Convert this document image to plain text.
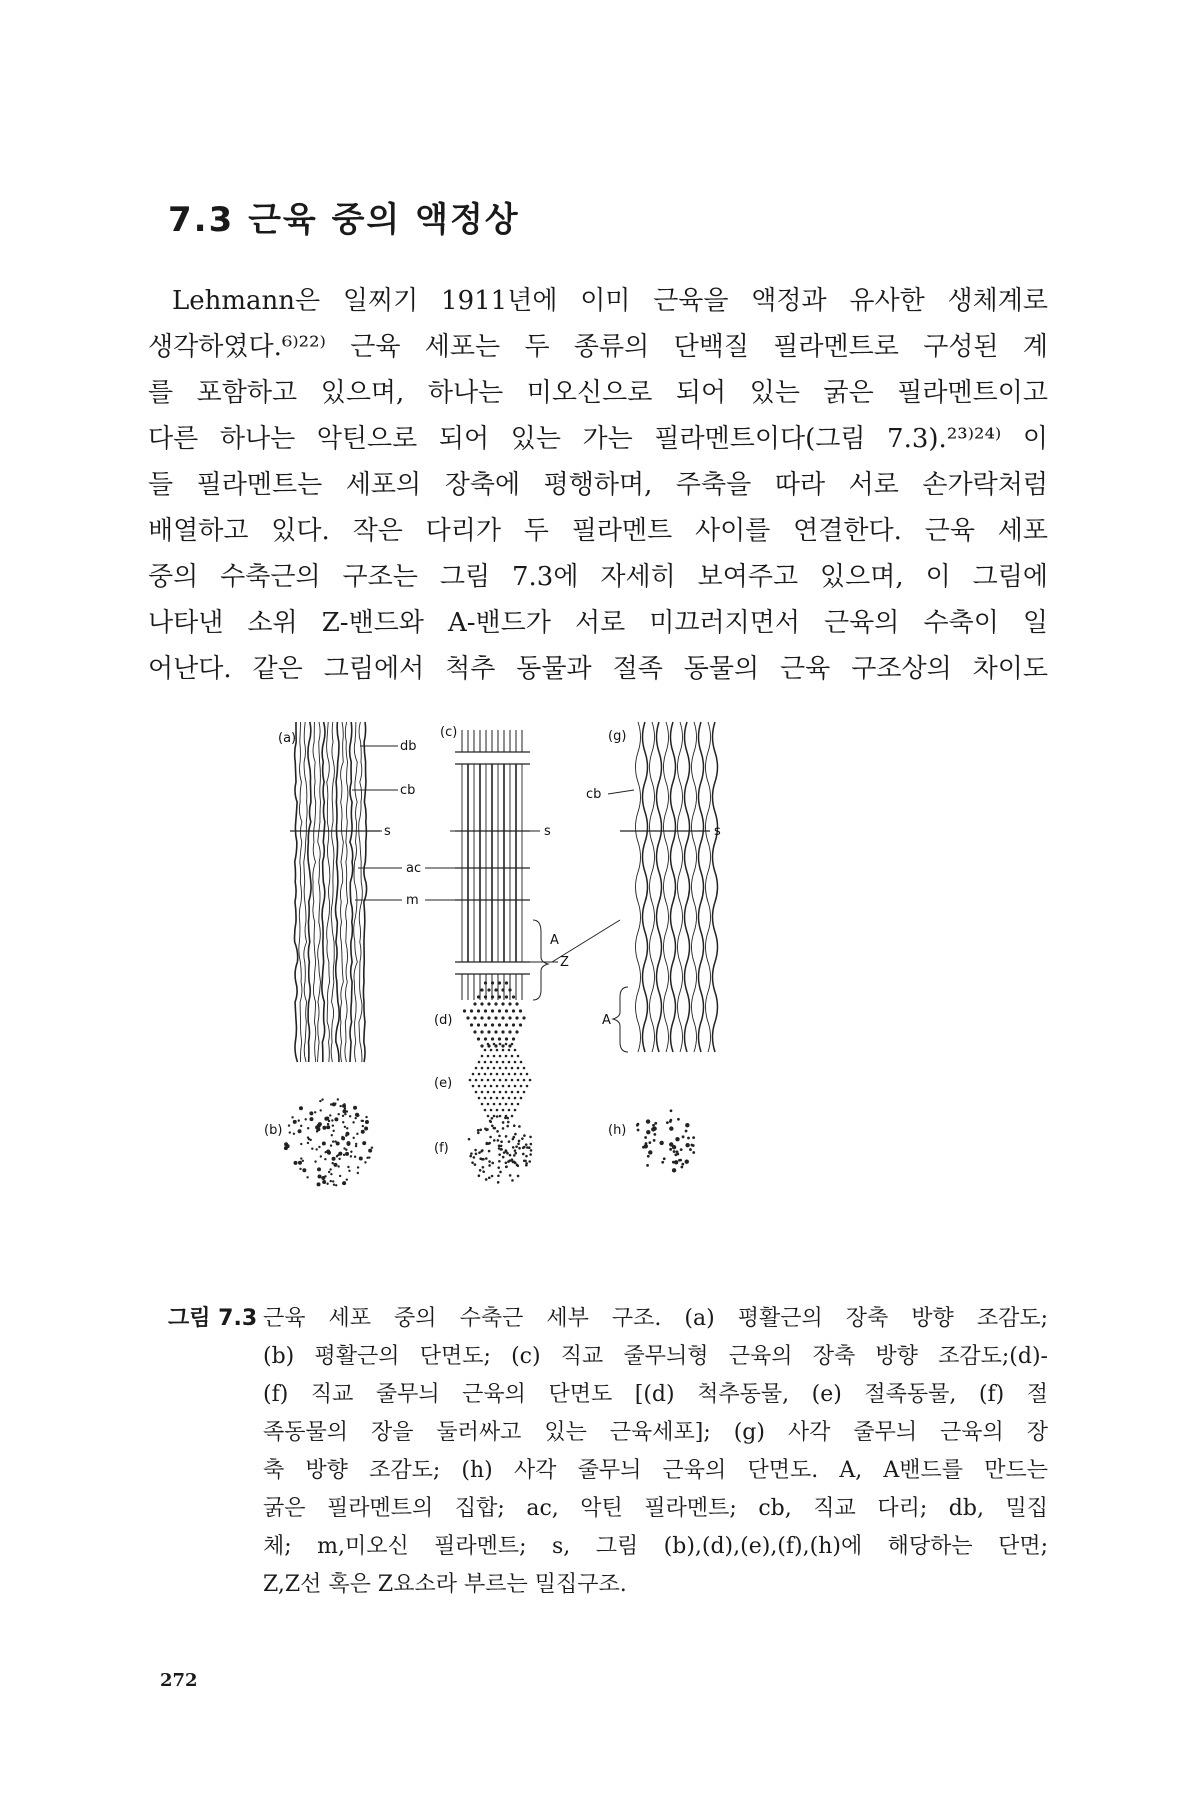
7.3 근육 중의 액정상
Lehmann은 일찌기 1911년에 이미 근육을 액정과 유사한 생체계로
생각하였다.⁶⁾²²⁾ 근육 세포는 두 종류의 단백질 필라멘트로 구성된 계
를 포함하고 있으며, 하나는 미오신으로 되어 있는 굵은 필라멘트이고
다른 하나는 악틴으로 되어 있는 가는 필라멘트이다(그림 7.3).²³⁾²⁴⁾ 이
들 필라멘트는 세포의 장축에 평행하며, 주축을 따라 서로 손가락처럼
배열하고 있다. 작은 다리가 두 필라멘트 사이를 연결한다. 근육 세포
중의 수축근의 구조는 그림 7.3에 자세히 보여주고 있으며, 이 그림에
나타낸 소위 Z-밴드와 A-밴드가 서로 미끄러지면서 근육의 수축이 일
어난다. 같은 그림에서 척추 동물과 절족 동물의 근육 구조상의 차이도
(a)
(b)
(c)
(d)
(e)
(f)
(g)
(h)
db
cb
s
ac
m
s
A
Z
cb
s
A
그림 7.3 근육 세포 중의 수축근 세부 구조. (a) 평활근의 장축 방향 조감도;
(b) 평활근의 단면도; (c) 직교 줄무늬형 근육의 장축 방향 조감도;(d)-
(f) 직교 줄무늬 근육의 단면도 [(d) 척추동물, (e) 절족동물, (f) 절
족동물의 장을 둘러싸고 있는 근육세포]; (g) 사각 줄무늬 근육의 장
축 방향 조감도; (h) 사각 줄무늬 근육의 단면도. A, A밴드를 만드는
굵은 필라멘트의 집합; ac, 악틴 필라멘트; cb, 직교 다리; db, 밀집
체; m,미오신 필라멘트; s, 그림 (b),(d),(e),(f),(h)에 해당하는 단면;
Z,Z선 혹은 Z요소라 부르는 밀집구조.
272
